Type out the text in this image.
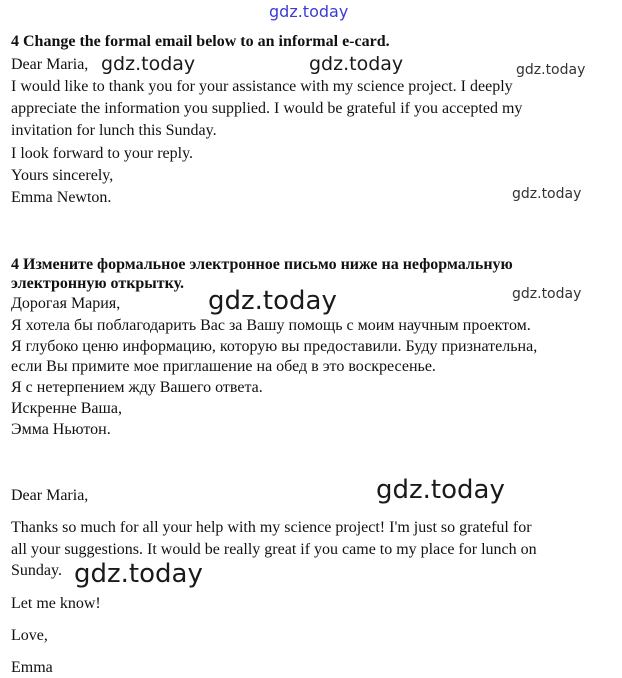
gdz.today
gdz.today	gdz.today	gdz.today
gdz.today
gdz.today
gdz.today
gdz.today
gdz.today
4 Change the formal email below to an informal e-card.
Dear Maria,
I would like to thank you for your assistance with my science project. I deeply
appreciate the information you supplied. I would be grateful if you accepted my
invitation for lunch this Sunday.
I look forward to your reply.
Yours sincerely,
Emma Newton.
4 Измените формальное электронное письмо ниже на неформальную
электронную открытку.
Дорогая Мария,
Я хотела бы поблагодарить Вас за Вашу помощь с моим научным проектом.
Я глубоко ценю информацию, которую вы предоставили. Буду признательна,
если Вы примите мое приглашение на обед в это воскресенье.
Я с нетерпением жду Вашего ответа.
Искренне Ваша,
Эмма Ньютон.
Dear Maria,
Thanks so much for all your help with my science project! I'm just so grateful for
all your suggestions. It would be really great if you came to my place for lunch on
Sunday.
Let me know!
Love,
Emma
